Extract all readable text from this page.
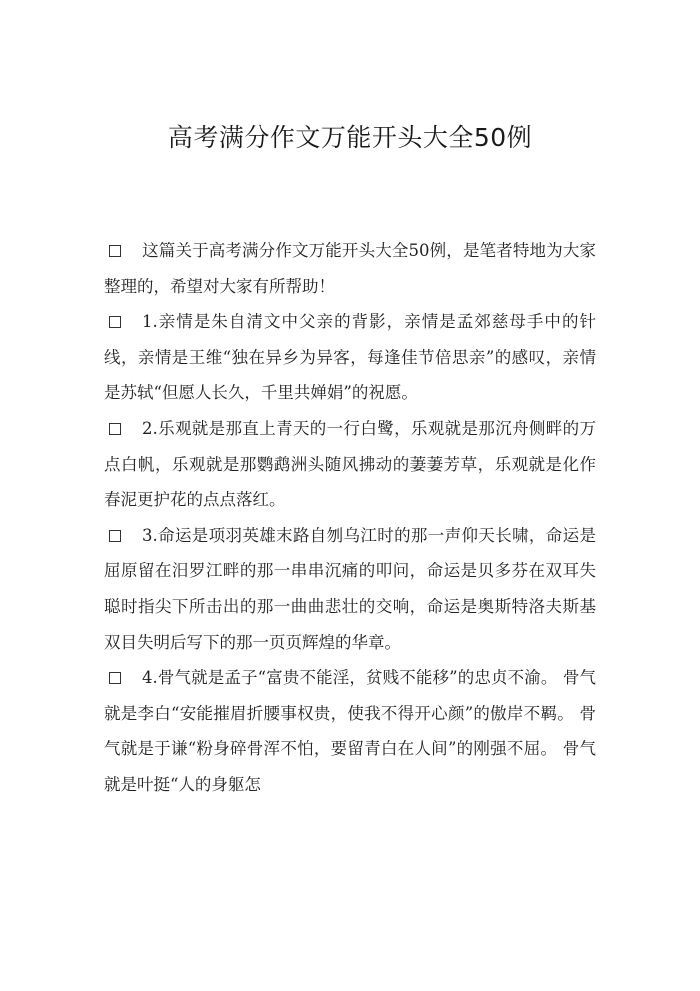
高考满分作文万能开头大全50例

这篇关于高考满分作文万能开头大全50例，是笔者特地为大家整理的，希望对大家有所帮助！

1.亲情是朱自清文中父亲的背影，亲情是孟郊慈母手中的针线，亲情是王维“独在异乡为异客，每逢佳节倍思亲”的感叹，亲情是苏轼“但愿人长久，千里共婵娟”的祝愿。

2.乐观就是那直上青天的一行白鹭，乐观就是那沉舟侧畔的万点白帆，乐观就是那鹦鹉洲头随风拂动的萋萋芳草，乐观就是化作春泥更护花的点点落红。

3.命运是项羽英雄末路自刎乌江时的那一声仰天长啸，命运是屈原留在汨罗江畔的那一串串沉痛的叩问，命运是贝多芬在双耳失聪时指尖下所击出的那一曲曲悲壮的交响，命运是奥斯特洛夫斯基双目失明后写下的那一页页辉煌的华章。

4.骨气就是孟子“富贵不能淫，贫贱不能移”的忠贞不渝。 骨气就是李白“安能摧眉折腰事权贵，使我不得开心颜”的傲岸不羁。 骨气就是于谦“粉身碎骨浑不怕，要留青白在人间”的刚强不屈。 骨气就是叶挺“人的身躯怎
